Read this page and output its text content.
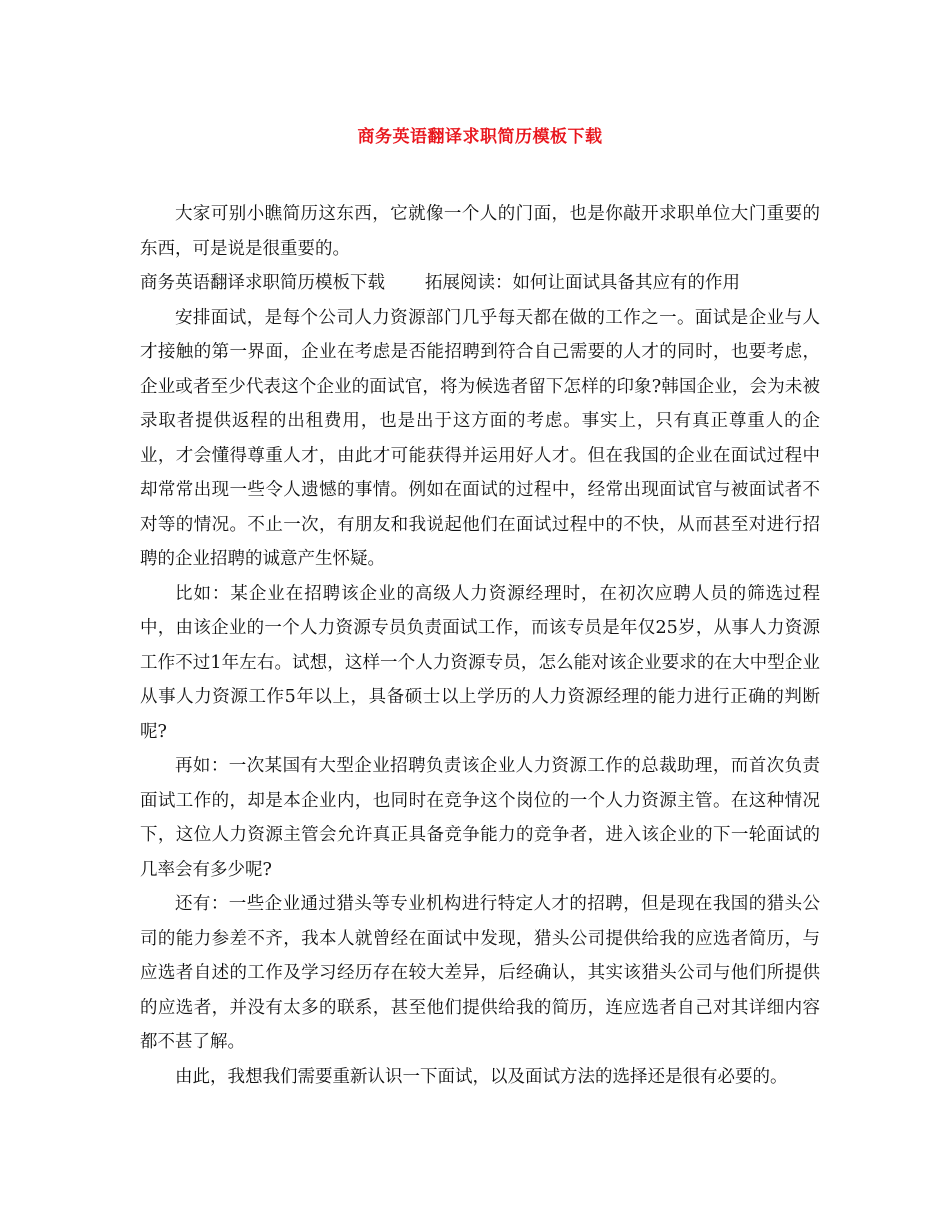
商务英语翻译求职简历模板下载

大家可别小瞧简历这东西，它就像一个人的门面，也是你敲开求职单位大门重要的东西，可是说是很重要的。

商务英语翻译求职简历模板下载 拓展阅读：如何让面试具备其应有的作用

安排面试，是每个公司人力资源部门几乎每天都在做的工作之一。面试是企业与人才接触的第一界面，企业在考虑是否能招聘到符合自己需要的人才的同时，也要考虑，企业或者至少代表这个企业的面试官，将为候选者留下怎样的印象?韩国企业，会为未被录取者提供返程的出租费用，也是出于这方面的考虑。事实上，只有真正尊重人的企业，才会懂得尊重人才，由此才可能获得并运用好人才。但在我国的企业在面试过程中却常常出现一些令人遗憾的事情。例如在面试的过程中，经常出现面试官与被面试者不对等的情况。不止一次，有朋友和我说起他们在面试过程中的不快，从而甚至对进行招聘的企业招聘的诚意产生怀疑。

比如：某企业在招聘该企业的高级人力资源经理时，在初次应聘人员的筛选过程中，由该企业的一个人力资源专员负责面试工作，而该专员是年仅25岁，从事人力资源工作不过1年左右。试想，这样一个人力资源专员，怎么能对该企业要求的在大中型企业从事人力资源工作5年以上，具备硕士以上学历的人力资源经理的能力进行正确的判断呢?

再如：一次某国有大型企业招聘负责该企业人力资源工作的总裁助理，而首次负责面试工作的，却是本企业内，也同时在竞争这个岗位的一个人力资源主管。在这种情况下，这位人力资源主管会允许真正具备竞争能力的竞争者，进入该企业的下一轮面试的几率会有多少呢?

还有：一些企业通过猎头等专业机构进行特定人才的招聘，但是现在我国的猎头公司的能力参差不齐，我本人就曾经在面试中发现，猎头公司提供给我的应选者简历，与应选者自述的工作及学习经历存在较大差异，后经确认，其实该猎头公司与他们所提供的应选者，并没有太多的联系，甚至他们提供给我的简历，连应选者自己对其详细内容都不甚了解。

由此，我想我们需要重新认识一下面试，以及面试方法的选择还是很有必要的。
